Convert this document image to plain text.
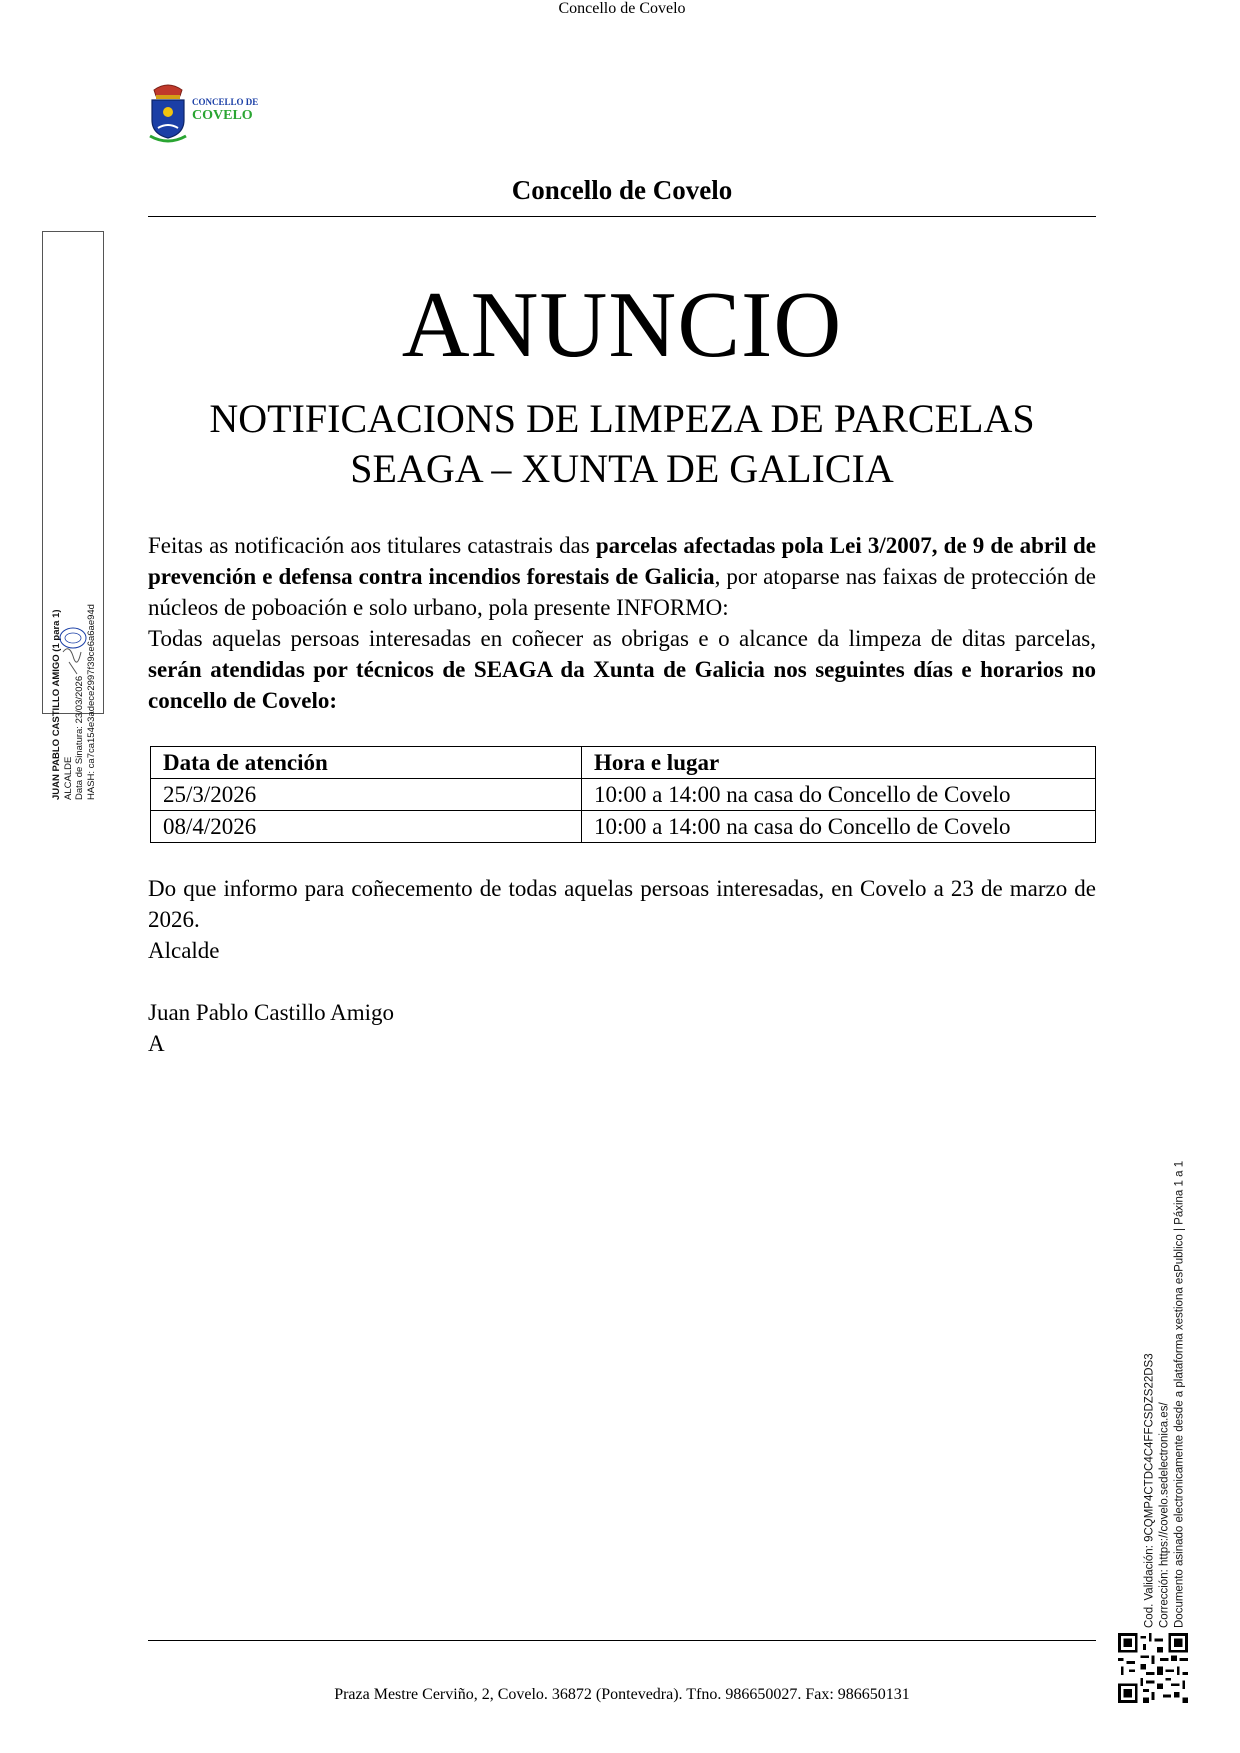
CONCELLO DE
COVELO
Concello de Covelo
ANUNCIO
NOTIFICACIONS DE LIMPEZA DE PARCELAS
SEAGA – XUNTA DE GALICIA

Feitas as notificación aos titulares catastrais das parcelas afectadas pola Lei 3/2007, de 9 de abril de prevención e defensa contra incendios forestais de Galicia, por atoparse nas faixas de protección de núcleos de poboación e solo urbano, pola presente INFORMO:

Todas aquelas persoas interesadas en coñecer as obrigas e o alcance da limpeza de ditas parcelas, serán atendidas por técnicos de SEAGA da Xunta de Galicia nos seguintes días e horarios no concello de Covelo:

Data de atención	Hora e lugar
25/3/2026	10:00 a 14:00 na casa do Concello de Covelo
08/4/2026	10:00 a 14:00 na casa do Concello de Covelo

Do que informo para coñecemento de todas aquelas persoas interesadas, en Covelo a 23 de marzo de 2026.

Alcalde

Juan Pablo Castillo Amigo

A

Concello de Covelo
Praza Mestre Cerviño, 2, Covelo. 36872 (Pontevedra). Tfno. 986650027. Fax: 986650131
JUAN PABLO CASTILLO AMIGO (1 para 1) ALCALDE Data de Sinatura: 23/03/2026 HASH: ca7ca154e3adece2997f39ce6a6ae94d
Cod. Validación: 9CQMP4CTDC4C4FFCSDZS22DS3 Corrección: https://covelo.sedelectronica.es/ Documento asinado electronicamente desde a plataforma xestiona esPublico | Páxina 1 a 1
